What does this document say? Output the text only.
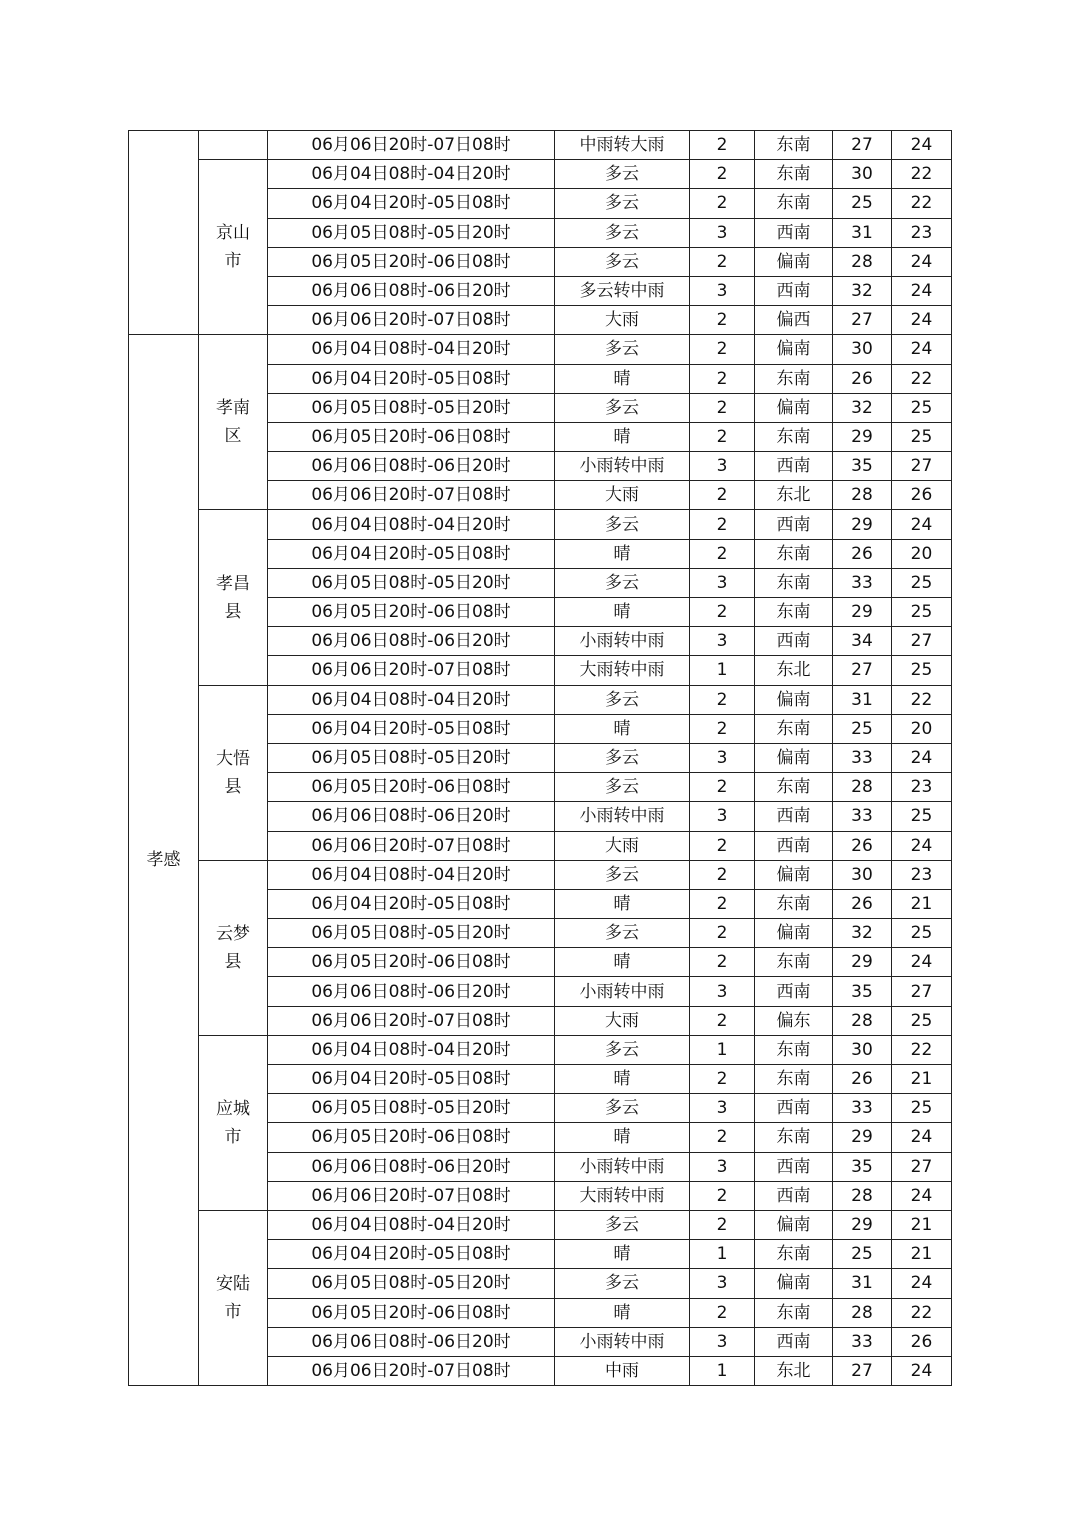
		06月06日20时-07日08时	中雨转大雨	2	东南	27	24
	京山市	06月04日08时-04日20时	多云	2	东南	30	22
		06月04日20时-05日08时	多云	2	东南	25	22
		06月05日08时-05日20时	多云	3	西南	31	23
		06月05日20时-06日08时	多云	2	偏南	28	24
		06月06日08时-06日20时	多云转中雨	3	西南	32	24
		06月06日20时-07日08时	大雨	2	偏西	27	24
孝感	孝南区	06月04日08时-04日20时	多云	2	偏南	30	24
		06月04日20时-05日08时	晴	2	东南	26	22
		06月05日08时-05日20时	多云	2	偏南	32	25
		06月05日20时-06日08时	晴	2	东南	29	25
		06月06日08时-06日20时	小雨转中雨	3	西南	35	27
		06月06日20时-07日08时	大雨	2	东北	28	26
	孝昌县	06月04日08时-04日20时	多云	2	西南	29	24
		06月04日20时-05日08时	晴	2	东南	26	20
		06月05日08时-05日20时	多云	3	东南	33	25
		06月05日20时-06日08时	晴	2	东南	29	25
		06月06日08时-06日20时	小雨转中雨	3	西南	34	27
		06月06日20时-07日08时	大雨转中雨	1	东北	27	25
	大悟县	06月04日08时-04日20时	多云	2	偏南	31	22
		06月04日20时-05日08时	晴	2	东南	25	20
		06月05日08时-05日20时	多云	3	偏南	33	24
		06月05日20时-06日08时	多云	2	东南	28	23
		06月06日08时-06日20时	小雨转中雨	3	西南	33	25
		06月06日20时-07日08时	大雨	2	西南	26	24
	云梦县	06月04日08时-04日20时	多云	2	偏南	30	23
		06月04日20时-05日08时	晴	2	东南	26	21
		06月05日08时-05日20时	多云	2	偏南	32	25
		06月05日20时-06日08时	晴	2	东南	29	24
		06月06日08时-06日20时	小雨转中雨	3	西南	35	27
		06月06日20时-07日08时	大雨	2	偏东	28	25
	应城市	06月04日08时-04日20时	多云	1	东南	30	22
		06月04日20时-05日08时	晴	2	东南	26	21
		06月05日08时-05日20时	多云	3	西南	33	25
		06月05日20时-06日08时	晴	2	东南	29	24
		06月06日08时-06日20时	小雨转中雨	3	西南	35	27
		06月06日20时-07日08时	大雨转中雨	2	西南	28	24
	安陆市	06月04日08时-04日20时	多云	2	偏南	29	21
		06月04日20时-05日08时	晴	1	东南	25	21
		06月05日08时-05日20时	多云	3	偏南	31	24
		06月05日20时-06日08时	晴	2	东南	28	22
		06月06日08时-06日20时	小雨转中雨	3	西南	33	26
		06月06日20时-07日08时	中雨	1	东北	27	24
